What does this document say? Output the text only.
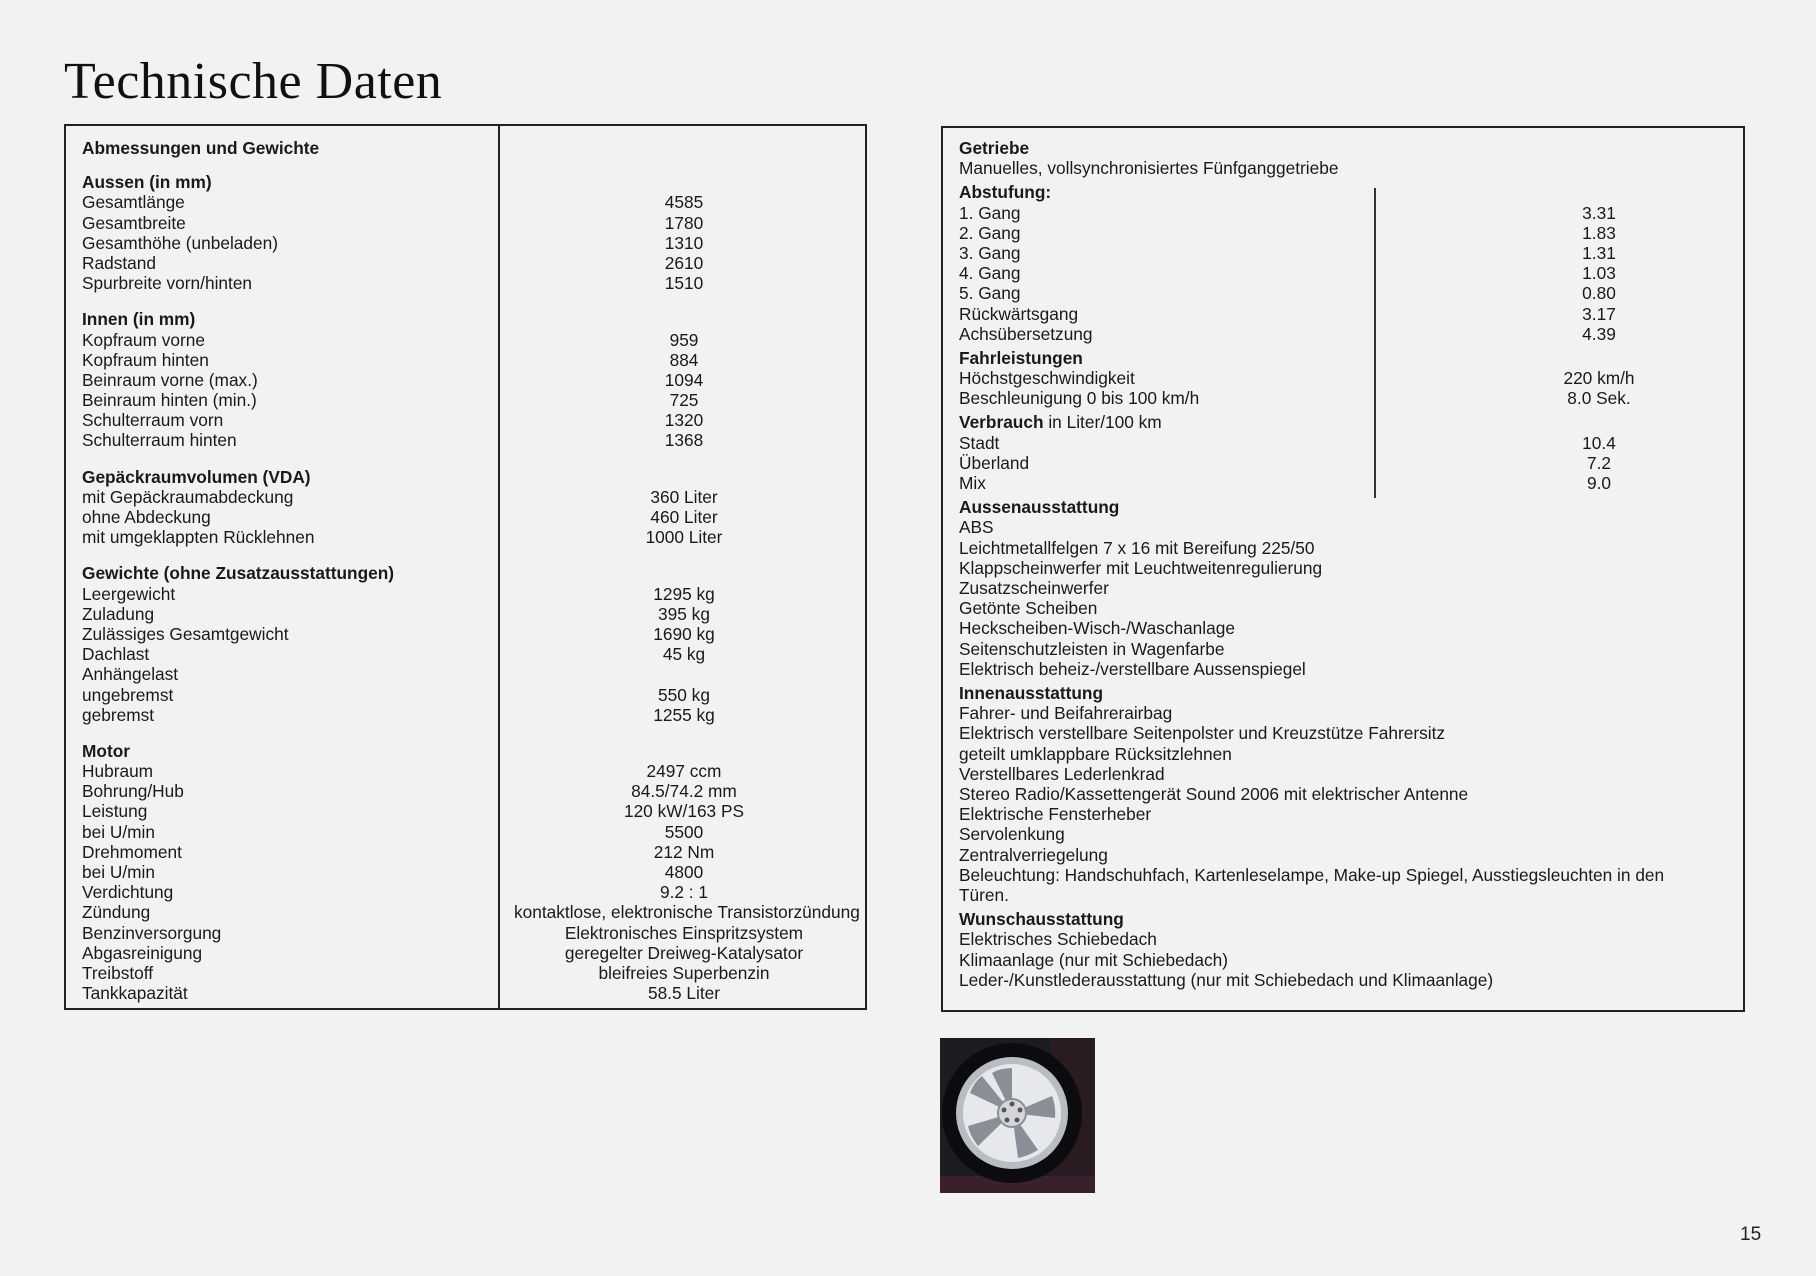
Technische Daten
Abmessungen und Gewichte
Aussen (in mm)
Gesamtlänge	4585
Gesamtbreite	1780
Gesamthöhe (unbeladen)	1310
Radstand	2610
Spurbreite vorn/hinten	1510
Innen (in mm)
Kopfraum vorne	959
Kopfraum hinten	884
Beinraum vorne (max.)	1094
Beinraum hinten (min.)	725
Schulterraum vorn	1320
Schulterraum hinten	1368
Gepäckraumvolumen (VDA)
mit Gepäckraumabdeckung	360 Liter
ohne Abdeckung	460 Liter
mit umgeklappten Rücklehnen	1000 Liter
Gewichte (ohne Zusatzausstattungen)
Leergewicht	1295 kg
Zuladung	395 kg
Zulässiges Gesamtgewicht	1690 kg
Dachlast	45 kg
Anhängelast
ungebremst	550 kg
gebremst	1255 kg
Motor
Hubraum	2497 ccm
Bohrung/Hub	84.5/74.2 mm
Leistung	120 kW/163 PS
bei U/min	5500
Drehmoment	212 Nm
bei U/min	4800
Verdichtung	9.2 : 1
Zündung	kontaktlose, elektronische Transistorzündung
Benzinversorgung	Elektronisches Einspritzsystem
Abgasreinigung	geregelter Dreiweg-Katalysator
Treibstoff	bleifreies Superbenzin
Tankkapazität	58.5 Liter
Getriebe
Manuelles, vollsynchronisiertes Fünfganggetriebe
Abstufung:
1. Gang	3.31
2. Gang	1.83
3. Gang	1.31
4. Gang	1.03
5. Gang	0.80
Rückwärtsgang	3.17
Achsübersetzung	4.39
Fahrleistungen
Höchstgeschwindigkeit	220 km/h
Beschleunigung 0 bis 100 km/h	8.0 Sek.
Verbrauch in Liter/100 km
Stadt	10.4
Überland	7.2
Mix	9.0
Aussenausstattung
ABS
Leichtmetallfelgen 7 x 16 mit Bereifung 225/50
Klappscheinwerfer mit Leuchtweitenregulierung
Zusatzscheinwerfer
Getönte Scheiben
Heckscheiben-Wisch-/Waschanlage
Seitenschutzleisten in Wagenfarbe
Elektrisch beheiz-/verstellbare Aussenspiegel
Innenausstattung
Fahrer- und Beifahrerairbag
Elektrisch verstellbare Seitenpolster und Kreuzstütze Fahrersitz
geteilt umklappbare Rücksitzlehnen
Verstellbares Lederlenkrad
Stereo Radio/Kassettengerät Sound 2006 mit elektrischer Antenne
Elektrische Fensterheber
Servolenkung
Zentralverriegelung
Beleuchtung: Handschuhfach, Kartenleselampe, Make-up Spiegel, Ausstiegsleuchten in den Türen.
Wunschausstattung
Elektrisches Schiebedach
Klimaanlage (nur mit Schiebedach)
Leder-/Kunstlederausstattung (nur mit Schiebedach und Klimaanlage)
15
